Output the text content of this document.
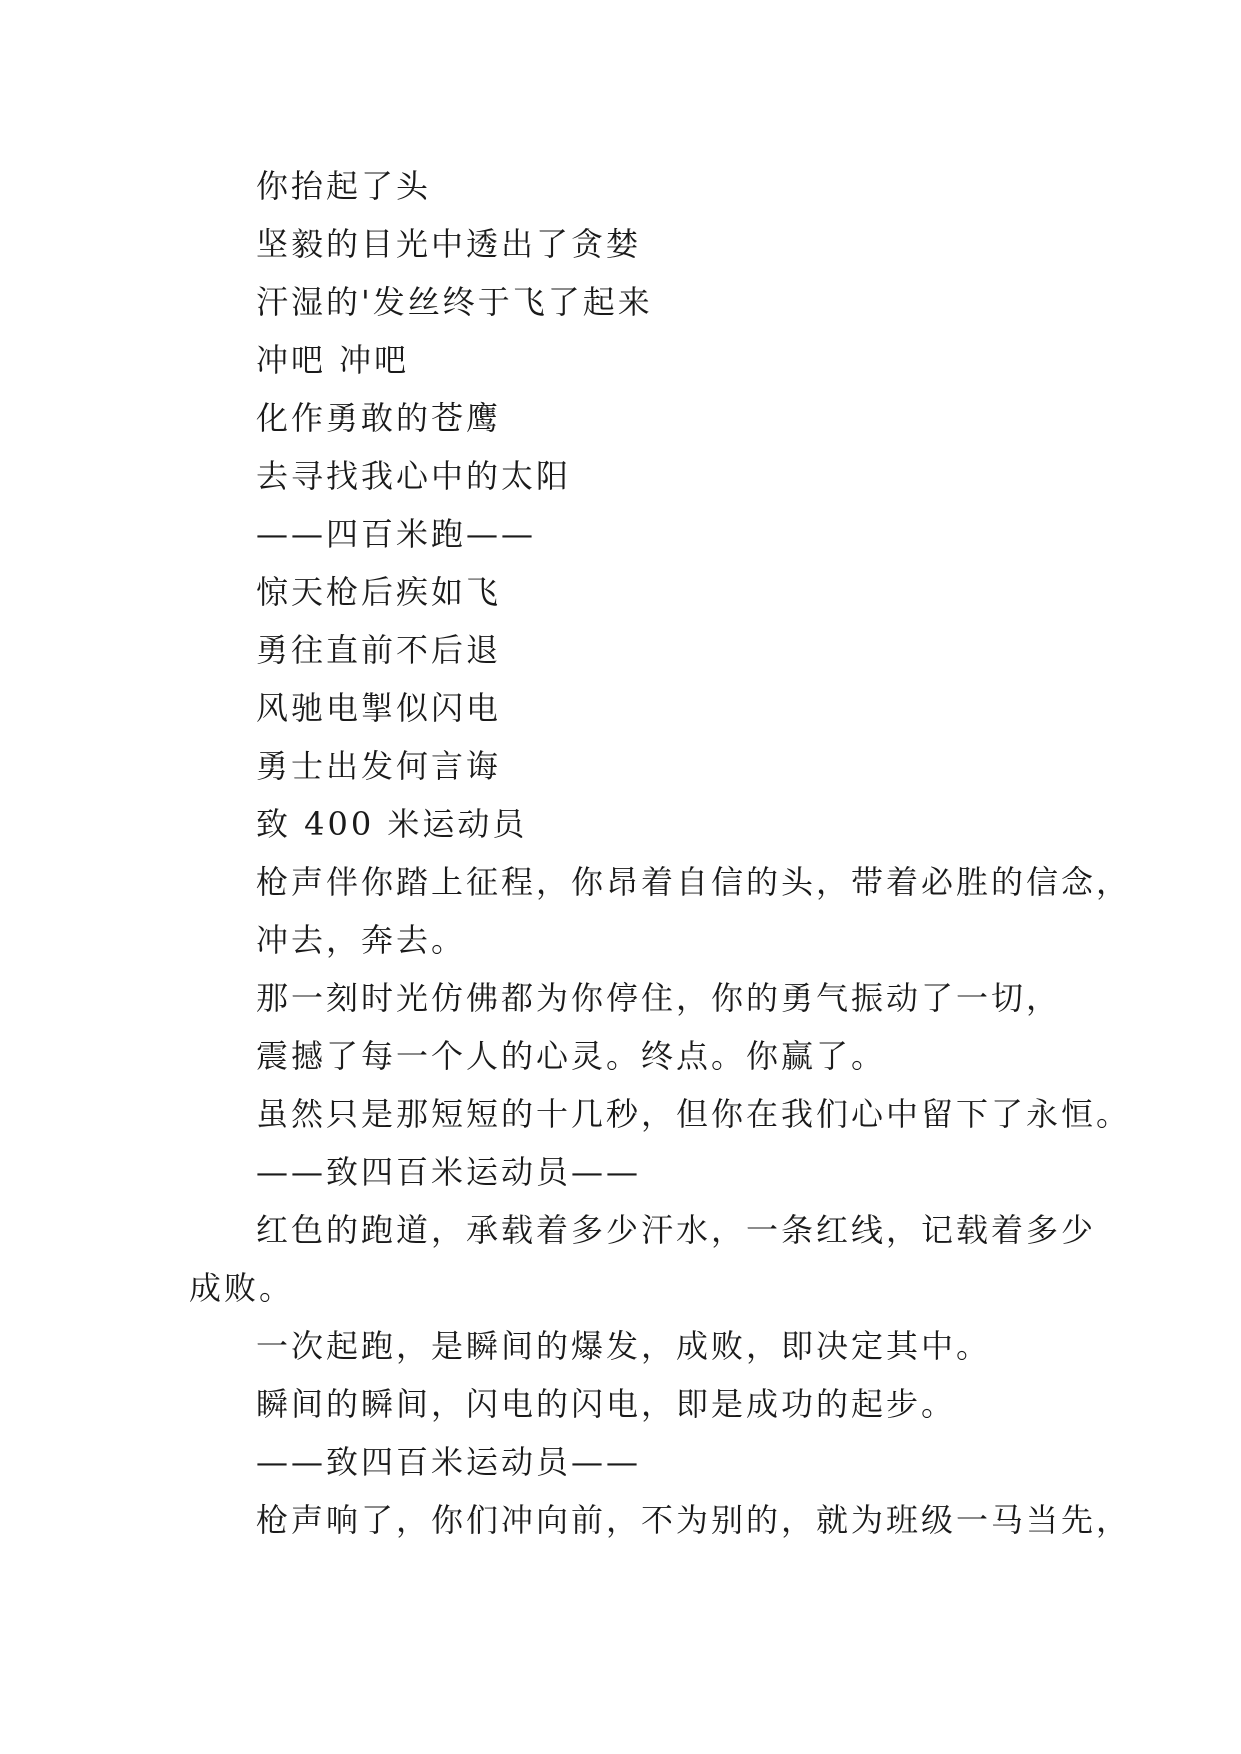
你抬起了头
坚毅的目光中透出了贪婪
汗湿的'发丝终于飞了起来
冲吧 冲吧
化作勇敢的苍鹰
去寻找我心中的太阳
——四百米跑——
惊天枪后疾如飞
勇往直前不后退
风驰电掣似闪电
勇士出发何言诲
致 400 米运动员
枪声伴你踏上征程，你昂着自信的头，带着必胜的信念，
冲去，奔去。
那一刻时光仿佛都为你停住，你的勇气振动了一切，
震撼了每一个人的心灵。终点。你赢了。
虽然只是那短短的十几秒，但你在我们心中留下了永恒。
——致四百米运动员——
红色的跑道，承载着多少汗水，一条红线，记载着多少
成败。
一次起跑，是瞬间的爆发，成败，即决定其中。
瞬间的瞬间，闪电的闪电，即是成功的起步。
——致四百米运动员——
枪声响了，你们冲向前，不为别的，就为班级一马当先，
